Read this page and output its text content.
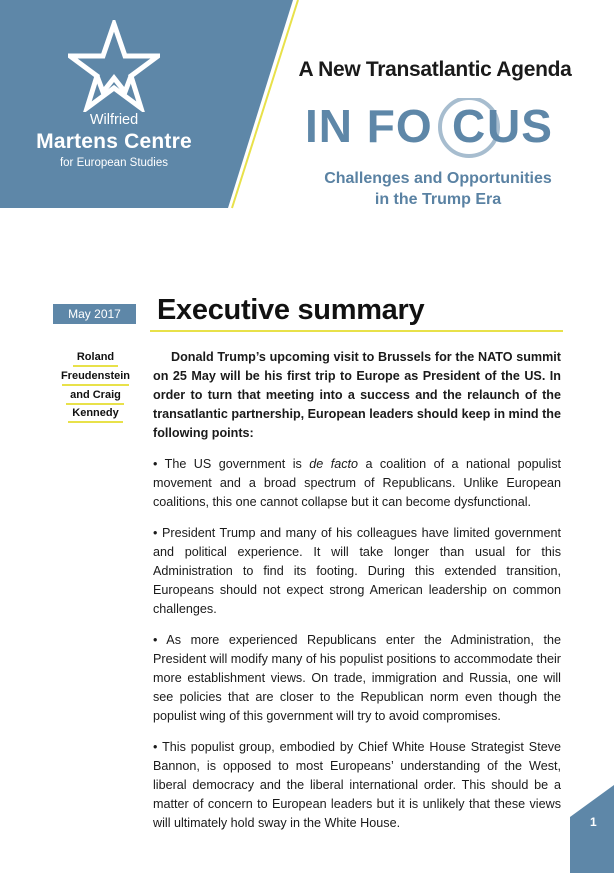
Wilfried
Martens Centre
for European Studies
A New Transatlantic Agenda
IN FO C US
Challenges and Opportunities
in the Trump Era
May 2017	Executive summary
Roland
Freudenstein
and Craig
Kennedy

Donald Trump’s upcoming visit to Brussels for the NATO summit on 25 May will be his first trip to Europe as President of the US. In order to turn that meeting into a success and the relaunch of the transatlantic partnership, European leaders should keep in mind the following points:

• The US government is de facto a coalition of a national populist movement and a broad spectrum of Republicans. Unlike European coalitions, this one cannot collapse but it can become dysfunctional.

• President Trump and many of his colleagues have limited government and political experience. It will take longer than usual for this Administration to find its footing. During this extended transition, Europeans should not expect strong American leadership on common challenges.

• As more experienced Republicans enter the Administration, the President will modify many of his populist positions to accommodate their more establishment views. On trade, immigration and Russia, one will see policies that are closer to the Republican norm even though the populist wing of this government will try to avoid compromises.

• This populist group, embodied by Chief White House Strategist Steve Bannon, is opposed to most Europeans’ understanding of the West, liberal democracy and the liberal international order. This should be a matter of concern to European leaders but it is unlikely that these views will ultimately hold sway in the White House.	1
